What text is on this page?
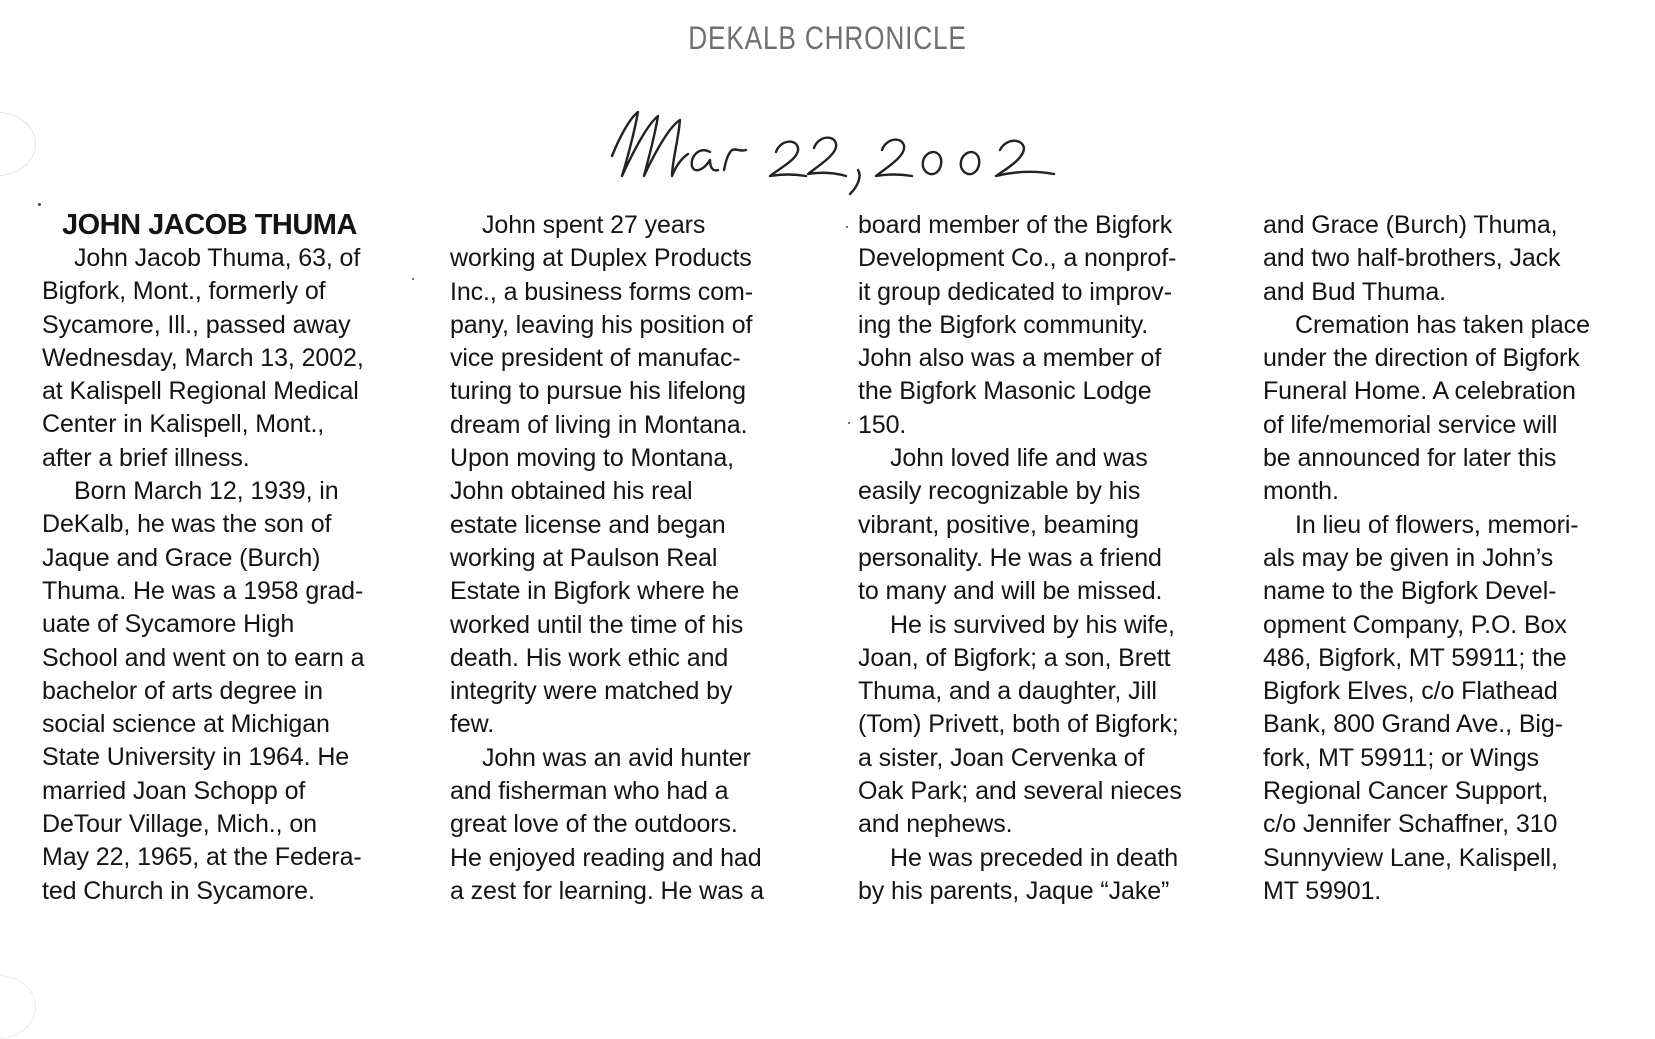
DEKALB CHRONICLE
JOHN JACOB THUMA
John Jacob Thuma, 63, of
Bigfork, Mont., formerly of
Sycamore, Ill., passed away
Wednesday, March 13, 2002,
at Kalispell Regional Medical
Center in Kalispell, Mont.,
after a brief illness.
Born March 12, 1939, in
DeKalb, he was the son of
Jaque and Grace (Burch)
Thuma. He was a 1958 grad-
uate of Sycamore High
School and went on to earn a
bachelor of arts degree in
social science at Michigan
State University in 1964. He
married Joan Schopp of
DeTour Village, Mich., on
May 22, 1965, at the Federa-
ted Church in Sycamore.
John spent 27 years
working at Duplex Products
Inc., a business forms com-
pany, leaving his position of
vice president of manufac-
turing to pursue his lifelong
dream of living in Montana.
Upon moving to Montana,
John obtained his real
estate license and began
working at Paulson Real
Estate in Bigfork where he
worked until the time of his
death. His work ethic and
integrity were matched by
few.
John was an avid hunter
and fisherman who had a
great love of the outdoors.
He enjoyed reading and had
a zest for learning. He was a
board member of the Bigfork
Development Co., a nonprof-
it group dedicated to improv-
ing the Bigfork community.
John also was a member of
the Bigfork Masonic Lodge
150.
John loved life and was
easily recognizable by his
vibrant, positive, beaming
personality. He was a friend
to many and will be missed.
He is survived by his wife,
Joan, of Bigfork; a son, Brett
Thuma, and a daughter, Jill
(Tom) Privett, both of Bigfork;
a sister, Joan Cervenka of
Oak Park; and several nieces
and nephews.
He was preceded in death
by his parents, Jaque “Jake”
and Grace (Burch) Thuma,
and two half-brothers, Jack
and Bud Thuma.
Cremation has taken place
under the direction of Bigfork
Funeral Home. A celebration
of life/memorial service will
be announced for later this
month.
In lieu of flowers, memori-
als may be given in John’s
name to the Bigfork Devel-
opment Company, P.O. Box
486, Bigfork, MT 59911; the
Bigfork Elves, c/o Flathead
Bank, 800 Grand Ave., Big-
fork, MT 59911; or Wings
Regional Cancer Support,
c/o Jennifer Schaffner, 310
Sunnyview Lane, Kalispell,
MT 59901.
